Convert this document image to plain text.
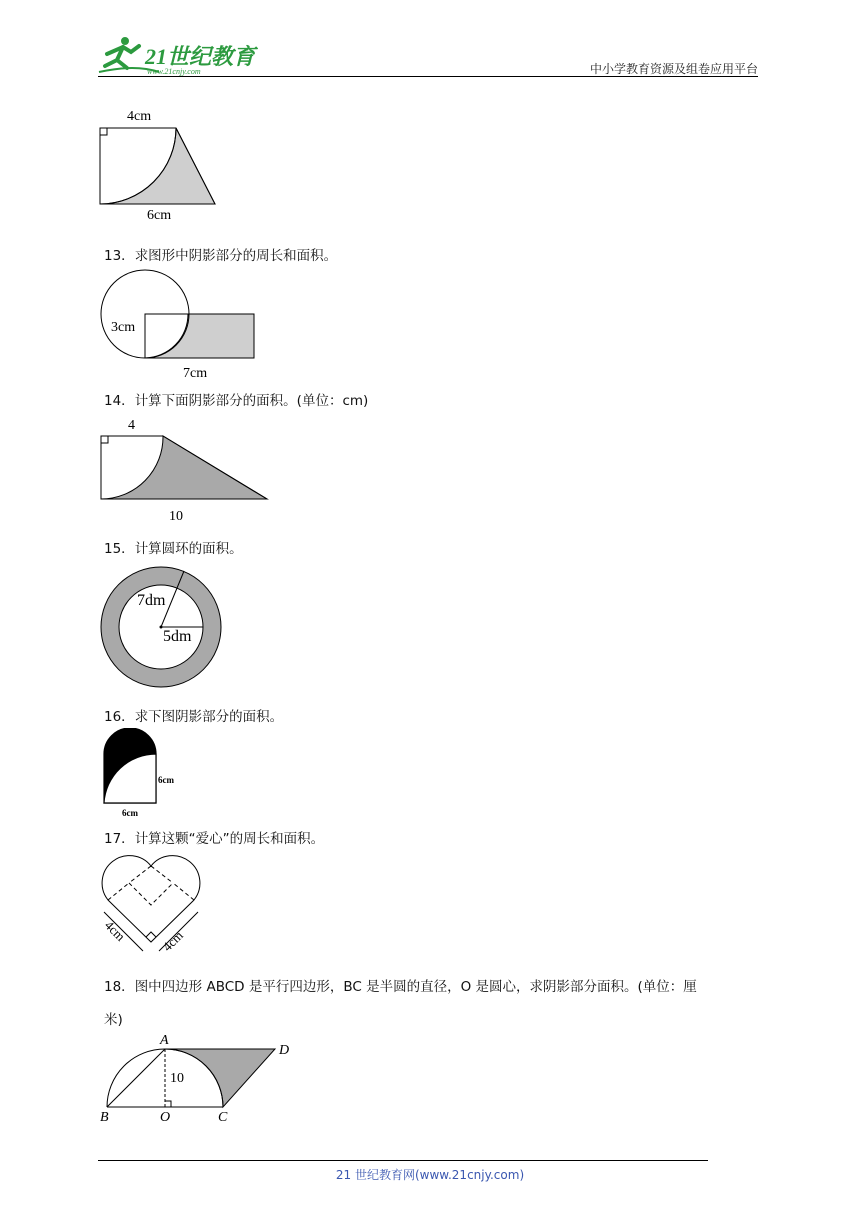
21世纪教育
www.21cnjy.com	中小学教育资源及组卷应用平台
4cm
6cm
13．求图形中阴影部分的周长和面积。
3cm
7cm
14．计算下面阴影部分的面积。(单位：cm)
4
10
15．计算圆环的面积。
7dm
5dm
16．求下图阴影部分的面积。
6cm
6cm
17．计算这颗“爱心”的周长和面积。
4cm 4cm
18．图中四边形 ABCD 是平行四边形，BC 是半圆的直径，O 是圆心，求阴影部分面积。(单位：厘
米)
A
D
B	O	C
10
21 世纪教育网(www.21cnjy.com)
